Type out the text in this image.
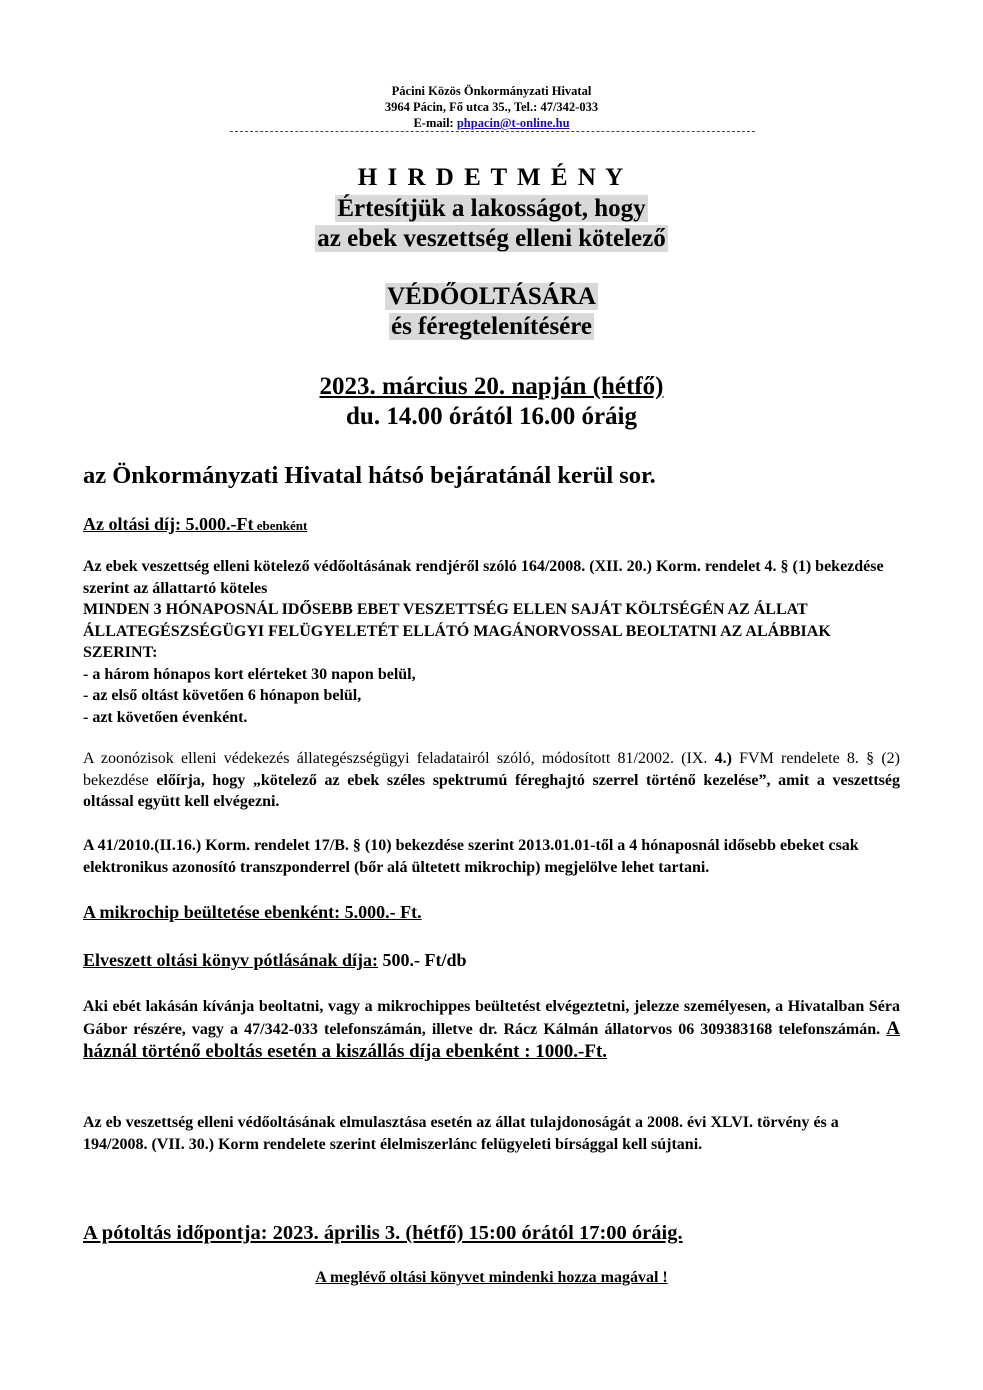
Pácini Közös Önkormányzati Hivatal
3964 Pácin, Fő utca 35., Tel.: 47/342-033
E-mail: phpacin@t-online.hu
H I R D E T M É N Y
Értesítjük a lakosságot, hogy
az ebek veszettség elleni kötelező
VÉDŐOLTÁSÁRA
és féregtelenítésére
2023. március 20. napján (hétfő)
du. 14.00 órától 16.00 óráig
az Önkormányzati Hivatal hátsó bejáratánál kerül sor.
Az oltási díj: 5.000.-Ft ebenként
Az ebek veszettség elleni kötelező védőoltásának rendjéről szóló 164/2008. (XII. 20.) Korm. rendelet 4. § (1) bekezdése szerint az állattartó köteles
MINDEN 3 HÓNAPOSNÁL IDŐSEBB EBET VESZETTSÉG ELLEN SAJÁT KÖLTSÉGÉN AZ ÁLLAT ÁLLATEGÉSZSÉGÜGYI FELÜGYELETÉT ELLÁTÓ MAGÁNORVOSSAL BEOLTATNI AZ ALÁBBIAK SZERINT:
- a három hónapos kort elérteket 30 napon belül,
- az első oltást követően 6 hónapon belül,
- azt követően évenként.
A zoonózisok elleni védekezés állategészségügyi feladatairól szóló, módosított 81/2002. (IX. 4.) FVM rendelete 8. § (2) bekezdése előírja, hogy „kötelező az ebek széles spektrumú féreghajtó szerrel történő kezelése”, amit a veszettség oltással együtt kell elvégezni.
A 41/2010.(II.16.) Korm. rendelet 17/B. § (10) bekezdése szerint 2013.01.01-től a 4 hónaposnál idősebb ebeket csak elektronikus azonosító transzponderrel (bőr alá ültetett mikrochip) megjelölve lehet tartani.
A mikrochip beültetése ebenként: 5.000.- Ft.
Elveszett oltási könyv pótlásának díja: 500.- Ft/db
Aki ebét lakásán kívánja beoltatni, vagy a mikrochippes beültetést elvégeztetni, jelezze személyesen, a Hivatalban Séra Gábor részére, vagy a 47/342-033 telefonszámán, illetve dr. Rácz Kálmán állatorvos 06 309383168 telefonszámán. A háznál történő eboltás esetén a kiszállás díja ebenként : 1000.-Ft.
Az eb veszettség elleni védőoltásának elmulasztása esetén az állat tulajdonoságát a 2008. évi XLVI. törvény és a 194/2008. (VII. 30.) Korm rendelete szerint élelmiszerlánc felügyeleti bírsággal kell sújtani.
A pótoltás időpontja: 2023. április 3. (hétfő) 15:00 órától 17:00 óráig.
A meglévő oltási könyvet mindenki hozza magával !
